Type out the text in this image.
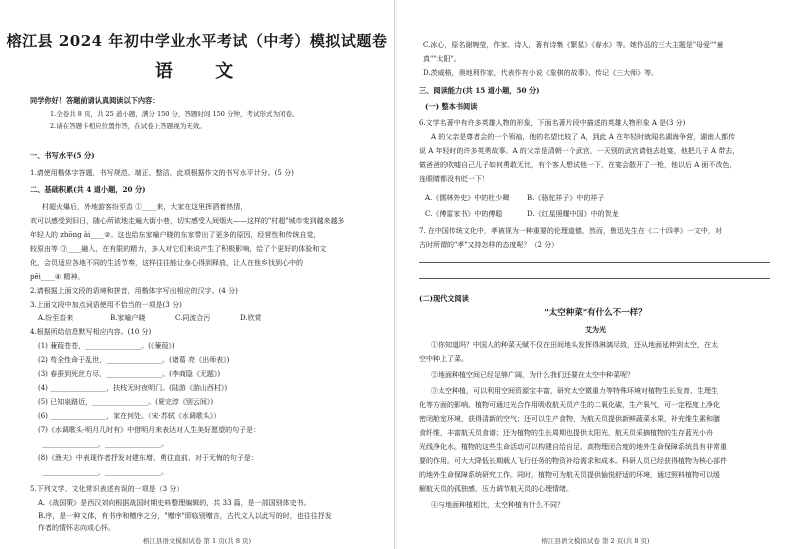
榕江县 2024 年初中学业水平考试（中考）模拟试题卷
语 文
同学你好！答题前请认真阅读以下内容：
1.全卷共 8 页，共 25 道小题，满分 150 分，答题时间 150 分钟，考试形式为闭卷。
2.请在答题卡相应位置作答，在试卷上答题视为无效。
一、书写水平(5 分)
1.请使用楷体字答题，书写规范、端正、整洁，此项根据作文的书写水平计分。(5 分)
二、基础积累(共 4 道小题，20 分)
村超火爆后，外地游客纷至沓 ①____来，大家在这里挥洒着热情，
欢可以感受到旧日，随心所欲地走遍大街小巷，切实感受人间烟火——这样的"村超"城市变到越来越多
年轻人的 zhōng ài____②。这也给东家喻户晓的东家带出了更多的原因，经营性和传统自觉，
较原由等 ③____融入，在有限的精力，多人对它们来说产生了积极影响，给了个更好的体验和文
化，会员适应各地不同的生活节奏，这样往往能让身心得到释放，让人在他乡找到心中的
pēi____④ 精神。
2.请根据上面文段的语境和拼音，用楷体字写出相应的汉字。(4 分)
3.上面文段中加点词语使用不恰当的一项是(3 分)
A.纷至沓来	B.家喻户晓	C.同流合污	D.欣赏
4.根据所给信息默写相应内容。(10 分)
(1) 蒹葭苍苍，________________。(《蒹葭》)
(2) 苟全性命于乱世，________________。(诸葛 亮《出师表》)
(3) 春蚕到死丝方尽，________________。(李商隐《无题》)
(4) ________________，扶枝无时夜明门。(陆游《游山西村》)
(5) 已知泉路近，________________。(夏完淳《别云间》)
(6) ________________，家在何处。（宋·苏轼《水调歌头》）
(7)《水调歌头·明月几时有》中借明月来表达对人生美好愿望的句子是：
________________，________________。
(8)《渔夫》中表现作者抒发对建东增、勇往直前、对于无悔的句子是：
________________，________________。
5.下列文学、文化常识表述有误的一项是（3 分）
A.《战国策》是西汉刘向根据战国时期史料整理编辑的，共 33 篇，是一部国别体史书。
B.序，是一种文体，有书序和赠序之分，"赠序"即临别赠言，古代文人以此写的时，也往往抒发
作者的情怀志向或心怀。
榕江县语文模拟试卷 第 1 页(共 8 页)
C.冰心，原名谢婉莹，作家、诗人，著有诗集《繁星》《春水》等。她作品的三大主题是"母爱""童
真""太阳"。
D.茨威格，奥地利作家，代表作有小说《象棋的故事》、传记《三大师》等。
三、阅读能力(共 15 道小题，50 分)
(一) 整本书阅读
6.文学名著中有许多英雄人物的形象，下面名著片段中描述的英雄人物形象 A 是(3 分)
A 的父亲是尊者会的一个领袖，他的名望比较了 A，到此 A 在年轻时就闻名湖海争营，湖南人都传
说 A 年轻时的许多英勇故事。A 的父亲是清朝一个武官，一天别的武官请他去赴宴，他把儿子 A 带去，
做爸爸的吹嘘自己儿子如何勇敢无比，有个客人想试他一下，在宴会散开了一枪，他以后 A 面不改色，
连眼睛都没有眨一下！
A.《儒林外史》中的杜少卿	B.《骆驼祥子》中的祥子
C.《傅雷家书》中的傅聪	D.《红星照耀中国》中的贺龙
7. 在中国传统文化中，孝被视为一种重要的伦理道德，然而，鲁迅先生在《二十四孝》一文中，对
古时所谓的"孝"又持怎样的态度呢？（2 分）
(二)现代文阅读
"太空种菜"有什么不一样？
艾为光
①你知道吗？中国人的种菜天赋不仅在田间地头发挥得淋漓尽致，还从地面延伸到太空，在太
空中种上了菜。
②地面种植空间已经足够广阔，为什么我们还要在太空中种菜呢？
③太空种植，可以利用空间资源宝丰富，研究太空微重力等特殊环境对植物生长发育、生理生
化等方面的影响。植物可通过光合作用吸收航天员产生的二氧化碳，生产氧气，可一定程度上净化
密闭舱室环境，获得清新的空气；还可以生产食物，为航天员提供新鲜蔬菜水果，补充维生素和膳
食纤维，丰富航天员食谱；还为植物的生长周期也提供太阳光，航天员采摘植物的生存蓝光小舟
光线净化水。植物的这些生命活动可以构建自给自足、高物理闭合度的地外生命保障系统具有非常重
要的作用。可大大降低长期载人飞行任务的物资补给需求和成本。科研人员已经获得植物为核心部件
的地外生命保障系统研究工作。同时，植物可为航天员提供愉悦舒适的环境，通过照料植物可以缓
解航天员的孤独感，压力调节航天员的心理情绪。
④与地面种植相比，太空种植有什么不同？
榕江县语文模拟试卷 第 2 页(共 8 页)
